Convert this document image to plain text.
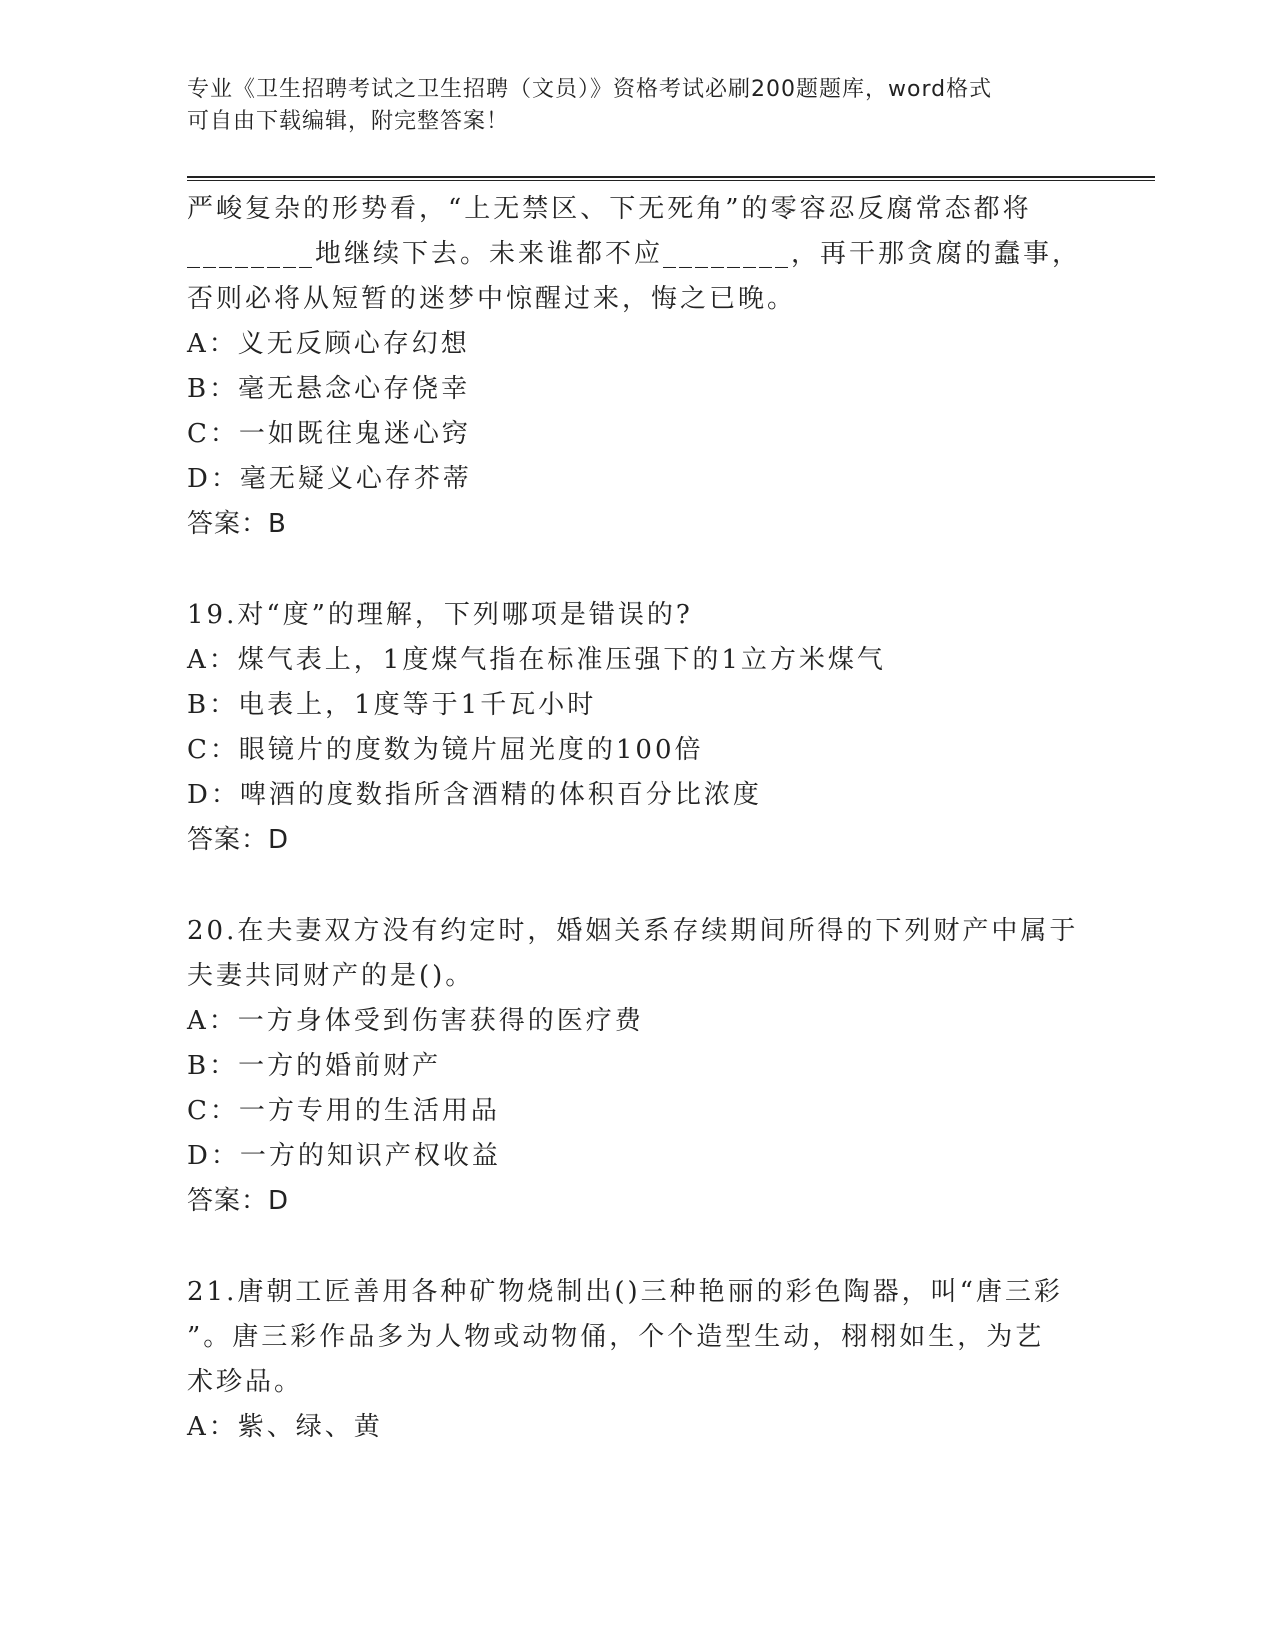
专业《卫生招聘考试之卫生招聘（文员）》资格考试必刷200题题库，word格式
可自由下载编辑，附完整答案！
严峻复杂的形势看，“上无禁区、下无死角”的零容忍反腐常态都将
________地继续下去。未来谁都不应________，再干那贪腐的蠢事，
否则必将从短暂的迷梦中惊醒过来，悔之已晚。
A：义无反顾心存幻想
B：毫无悬念心存侥幸
C：一如既往鬼迷心窍
D：毫无疑义心存芥蒂
答案：B
19.对“度”的理解，下列哪项是错误的?
A：煤气表上，1度煤气指在标准压强下的1立方米煤气
B：电表上，1度等于1千瓦小时
C：眼镜片的度数为镜片屈光度的100倍
D：啤酒的度数指所含酒精的体积百分比浓度
答案：D
20.在夫妻双方没有约定时，婚姻关系存续期间所得的下列财产中属于
夫妻共同财产的是()。
A：一方身体受到伤害获得的医疗费
B：一方的婚前财产
C：一方专用的生活用品
D：一方的知识产权收益
答案：D
21.唐朝工匠善用各种矿物烧制出()三种艳丽的彩色陶器，叫“唐三彩
”。唐三彩作品多为人物或动物俑，个个造型生动，栩栩如生，为艺
术珍品。
A：紫、绿、黄
